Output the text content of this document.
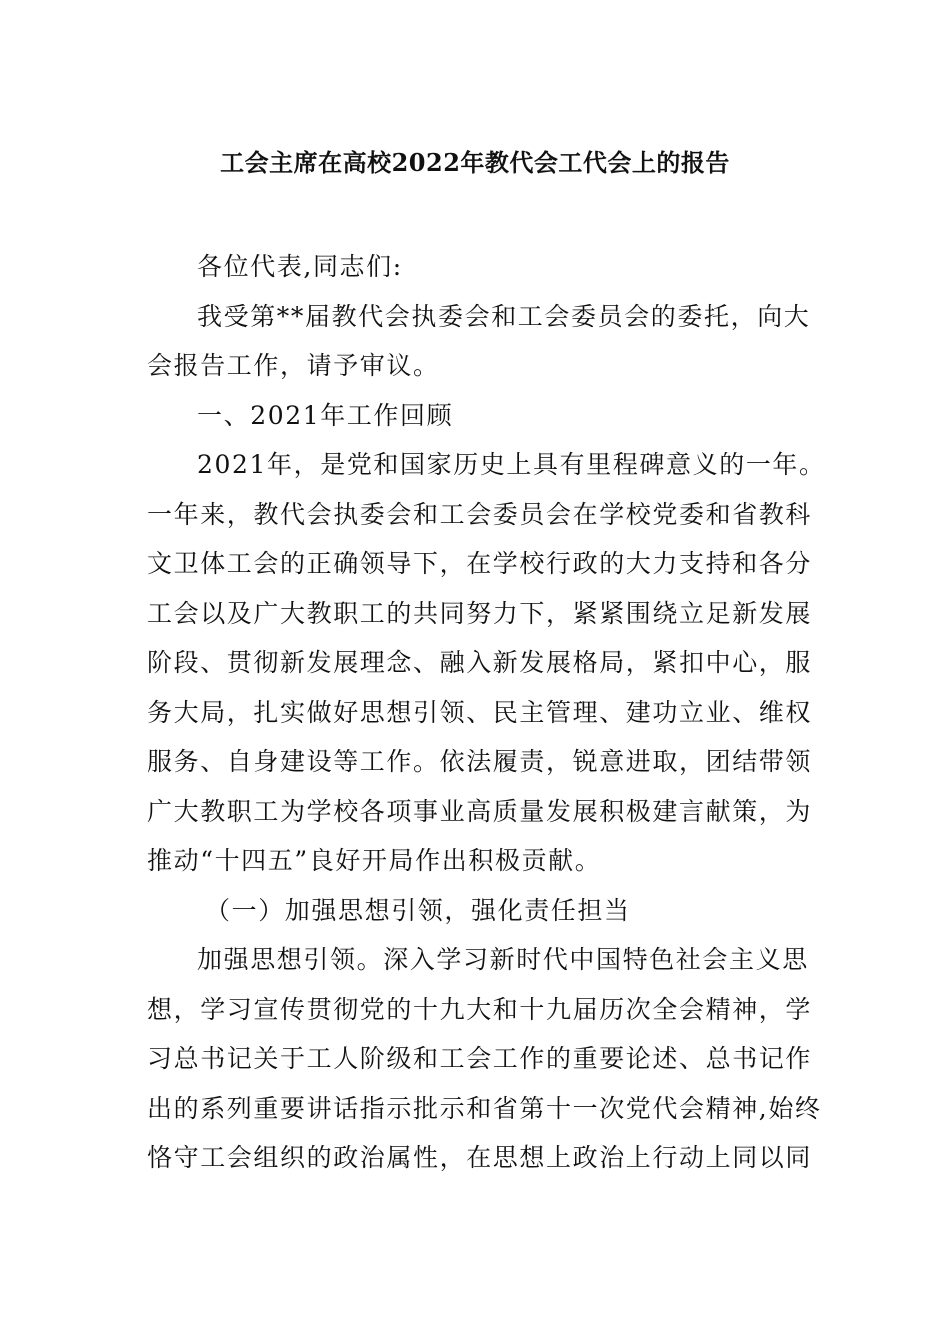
工会主席在高校2022年教代会工代会上的报告
各位代表,同志们:
我受第**届教代会执委会和工会委员会的委托，向大
会报告工作，请予审议。
一、2021年工作回顾
2021年，是党和国家历史上具有里程碑意义的一年。
一年来，教代会执委会和工会委员会在学校党委和省教科
文卫体工会的正确领导下，在学校行政的大力支持和各分
工会以及广大教职工的共同努力下，紧紧围绕立足新发展
阶段、贯彻新发展理念、融入新发展格局，紧扣中心，服
务大局，扎实做好思想引领、民主管理、建功立业、维权
服务、自身建设等工作。依法履责，锐意进取，团结带领
广大教职工为学校各项事业高质量发展积极建言献策，为
推动“十四五”良好开局作出积极贡献。
（一）加强思想引领，强化责任担当
加强思想引领。深入学习新时代中国特色社会主义思
想，学习宣传贯彻党的十九大和十九届历次全会精神，学
习总书记关于工人阶级和工会工作的重要论述、总书记作
出的系列重要讲话指示批示和省第十一次党代会精神,始终
恪守工会组织的政治属性，在思想上政治上行动上同以同
